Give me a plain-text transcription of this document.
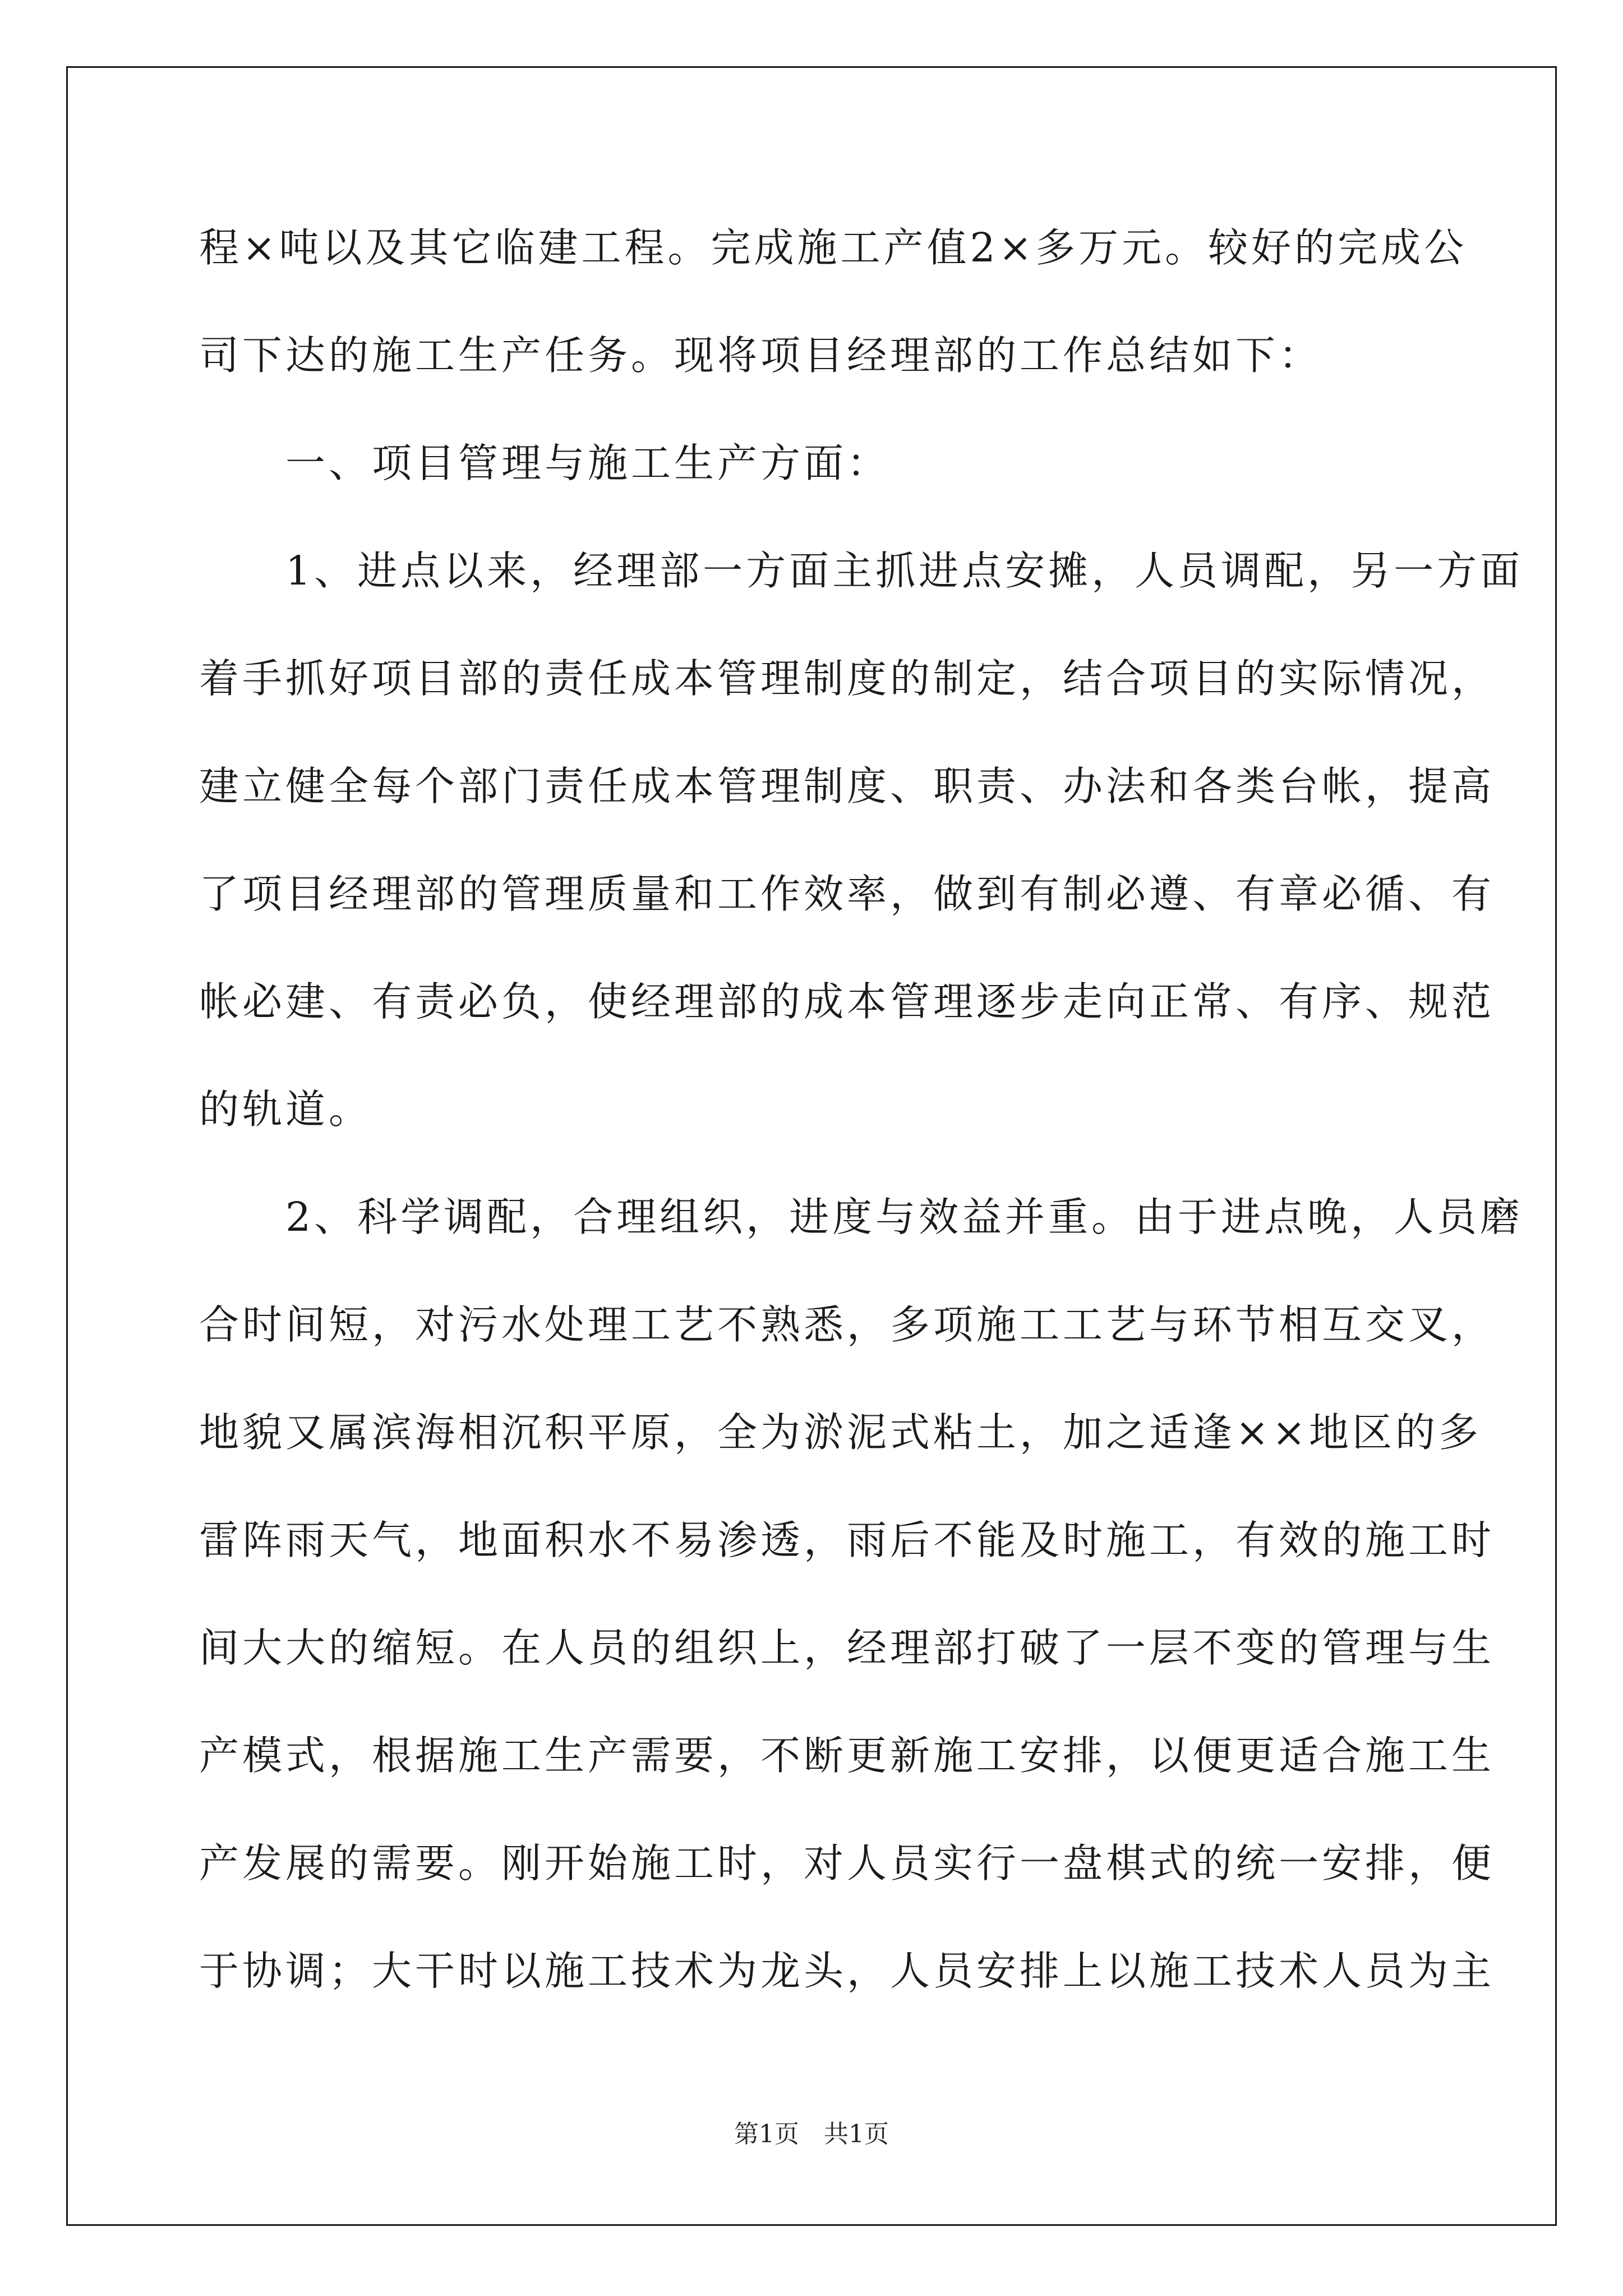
程×吨以及其它临建工程。完成施工产值2×多万元。较好的完成公
司下达的施工生产任务。现将项目经理部的工作总结如下：
　　一、项目管理与施工生产方面：
　　1、进点以来，经理部一方面主抓进点安摊，人员调配，另一方面
着手抓好项目部的责任成本管理制度的制定，结合项目的实际情况，
建立健全每个部门责任成本管理制度、职责、办法和各类台帐，提高
了项目经理部的管理质量和工作效率，做到有制必遵、有章必循、有
帐必建、有责必负，使经理部的成本管理逐步走向正常、有序、规范
的轨道。
　　2、科学调配，合理组织，进度与效益并重。由于进点晚，人员磨
合时间短，对污水处理工艺不熟悉，多项施工工艺与环节相互交叉，
地貌又属滨海相沉积平原，全为淤泥式粘土，加之适逢××地区的多
雷阵雨天气，地面积水不易渗透，雨后不能及时施工，有效的施工时
间大大的缩短。在人员的组织上，经理部打破了一层不变的管理与生
产模式，根据施工生产需要，不断更新施工安排，以便更适合施工生
产发展的需要。刚开始施工时，对人员实行一盘棋式的统一安排，便
于协调；大干时以施工技术为龙头，人员安排上以施工技术人员为主
第1页　共1页
